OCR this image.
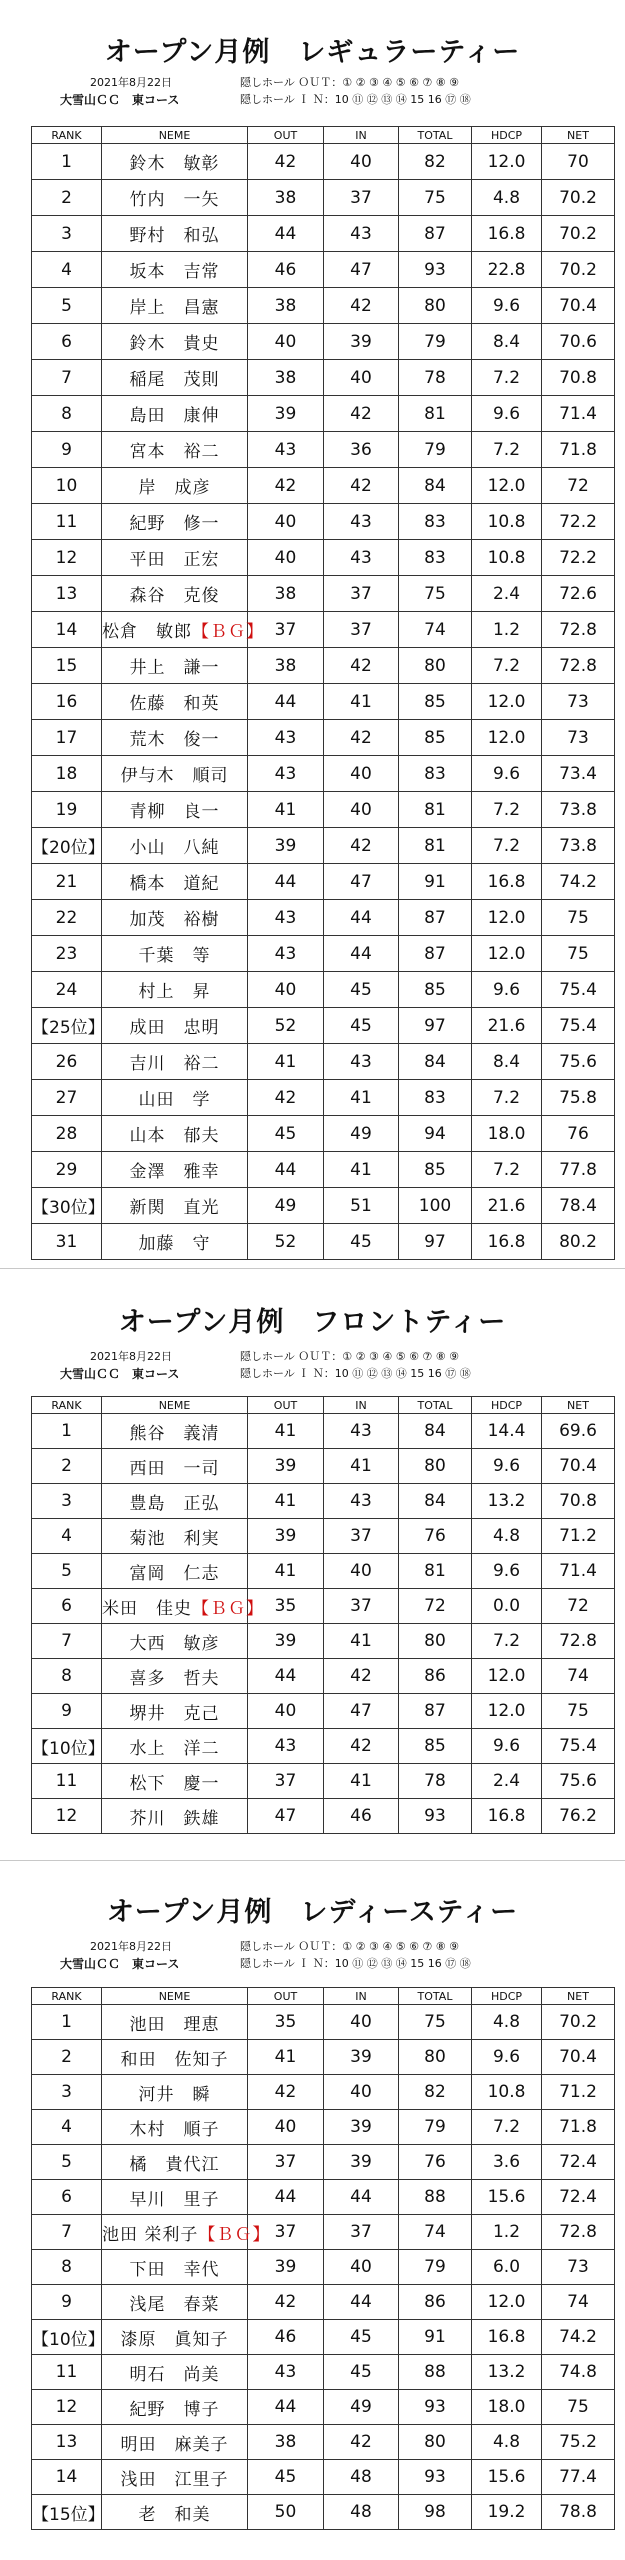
オープン月例　レギュラーティー
2021年8月22日
大雪山ＣＣ　東コース
隠しホール ＯＵＴ：① ② ③ ④ ⑤ ⑥ ⑦ ⑧ ⑨
隠しホール Ｉ Ｎ：10 ⑪ ⑫ ⑬ ⑭ 15 16 ⑰ ⑱
RANK	NEME	OUT	IN	TOTAL	HDCP	NET
1	鈴木　敏彰	42	40	82	12.0	70
2	竹内　一矢	38	37	75	4.8	70.2
3	野村　和弘	44	43	87	16.8	70.2
4	坂本　吉常	46	47	93	22.8	70.2
5	岸上　昌憲	38	42	80	9.6	70.4
6	鈴木　貴史	40	39	79	8.4	70.6
7	稲尾　茂則	38	40	78	7.2	70.8
8	島田　康伸	39	42	81	9.6	71.4
9	宮本　裕二	43	36	79	7.2	71.8
10	岸　成彦	42	42	84	12.0	72
11	紀野　修一	40	43	83	10.8	72.2
12	平田　正宏	40	43	83	10.8	72.2
13	森谷　克俊	38	37	75	2.4	72.6
14	松倉　敏郎【ＢＧ】	37	37	74	1.2	72.8
15	井上　謙一	38	42	80	7.2	72.8
16	佐藤　和英	44	41	85	12.0	73
17	荒木　俊一	43	42	85	12.0	73
18	伊与木　順司	43	40	83	9.6	73.4
19	青柳　良一	41	40	81	7.2	73.8
【20位】	小山　八純	39	42	81	7.2	73.8
21	橋本　道紀	44	47	91	16.8	74.2
22	加茂　裕樹	43	44	87	12.0	75
23	千葉　等	43	44	87	12.0	75
24	村上　昇	40	45	85	9.6	75.4
【25位】	成田　忠明	52	45	97	21.6	75.4
26	吉川　裕二	41	43	84	8.4	75.6
27	山田　学	42	41	83	7.2	75.8
28	山本　郁夫	45	49	94	18.0	76
29	金澤　雅幸	44	41	85	7.2	77.8
【30位】	新関　直光	49	51	100	21.6	78.4
31	加藤　守	52	45	97	16.8	80.2
オープン月例　フロントティー
2021年8月22日
大雪山ＣＣ　東コース
隠しホール ＯＵＴ：① ② ③ ④ ⑤ ⑥ ⑦ ⑧ ⑨
隠しホール Ｉ Ｎ：10 ⑪ ⑫ ⑬ ⑭ 15 16 ⑰ ⑱
RANK	NEME	OUT	IN	TOTAL	HDCP	NET
1	熊谷　義清	41	43	84	14.4	69.6
2	西田　一司	39	41	80	9.6	70.4
3	豊島　正弘	41	43	84	13.2	70.8
4	菊池　利実	39	37	76	4.8	71.2
5	富岡　仁志	41	40	81	9.6	71.4
6	米田　佳史【ＢＧ】	35	37	72	0.0	72
7	大西　敏彦	39	41	80	7.2	72.8
8	喜多　哲夫	44	42	86	12.0	74
9	堺井　克己	40	47	87	12.0	75
【10位】	水上　洋二	43	42	85	9.6	75.4
11	松下　慶一	37	41	78	2.4	75.6
12	芥川　鉄雄	47	46	93	16.8	76.2
オープン月例　レディースティー
2021年8月22日
大雪山ＣＣ　東コース
隠しホール ＯＵＴ：① ② ③ ④ ⑤ ⑥ ⑦ ⑧ ⑨
隠しホール Ｉ Ｎ：10 ⑪ ⑫ ⑬ ⑭ 15 16 ⑰ ⑱
RANK	NEME	OUT	IN	TOTAL	HDCP	NET
1	池田　理恵	35	40	75	4.8	70.2
2	和田　佐知子	41	39	80	9.6	70.4
3	河井　瞬	42	40	82	10.8	71.2
4	木村　順子	40	39	79	7.2	71.8
5	橘　貴代江	37	39	76	3.6	72.4
6	早川　里子	44	44	88	15.6	72.4
7	池田 栄利子【ＢＧ】	37	37	74	1.2	72.8
8	下田　幸代	39	40	79	6.0	73
9	浅尾　春菜	42	44	86	12.0	74
【10位】	漆原　眞知子	46	45	91	16.8	74.2
11	明石　尚美	43	45	88	13.2	74.8
12	紀野　博子	44	49	93	18.0	75
13	明田　麻美子	38	42	80	4.8	75.2
14	浅田　江里子	45	48	93	15.6	77.4
【15位】	老　和美	50	48	98	19.2	78.8
